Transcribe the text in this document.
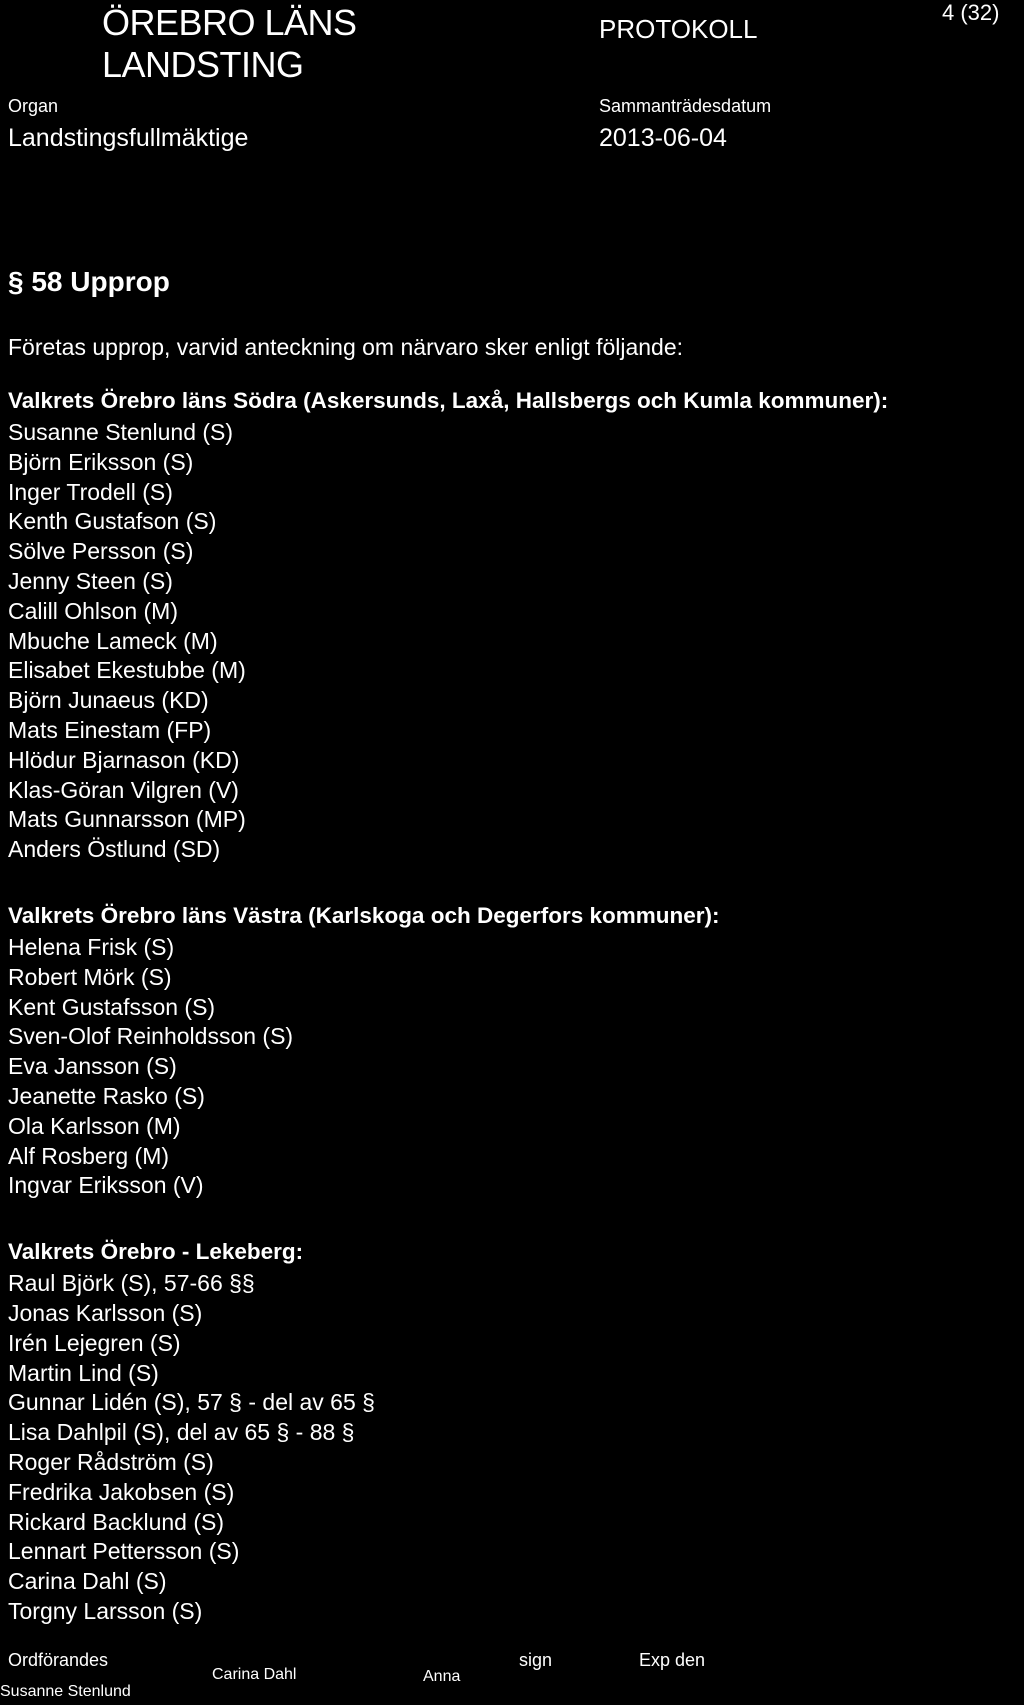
ÖREBRO LÄNS
LANDSTING
PROTOKOLL
4 (32)
Organ	Sammanträdesdatum
Landstingsfullmäktige	2013-06-04
§ 58 Upprop
Företas upprop, varvid anteckning om närvaro sker enligt följande:
Valkrets Örebro läns Södra (Askersunds, Laxå, Hallsbergs och Kumla kommuner):
Susanne Stenlund (S)
Björn Eriksson (S)
Inger Trodell (S)
Kenth Gustafson (S)
Sölve Persson (S)
Jenny Steen (S)
Calill Ohlson (M)
Mbuche Lameck (M)
Elisabet Ekestubbe (M)
Björn Junaeus (KD)
Mats Einestam (FP)
Hlödur Bjarnason (KD)
Klas-Göran Vilgren (V)
Mats Gunnarsson (MP)
Anders Östlund (SD)
Valkrets Örebro läns Västra (Karlskoga och Degerfors kommuner):
Helena Frisk (S)
Robert Mörk (S)
Kent Gustafsson (S)
Sven-Olof Reinholdsson (S)
Eva Jansson (S)
Jeanette Rasko (S)
Ola Karlsson (M)
Alf Rosberg (M)
Ingvar Eriksson (V)
Valkrets Örebro - Lekeberg:
Raul Björk (S), 57-66 §§
Jonas Karlsson (S)
Irén Lejegren (S)
Martin Lind (S)
Gunnar Lidén (S), 57 § - del av 65 §
Lisa Dahlpil (S), del av 65 § - 88 §
Roger Rådström (S)
Fredrika Jakobsen (S)
Rickard Backlund (S)
Lennart Pettersson (S)
Carina Dahl (S)
Torgny Larsson (S)
Ordförandes	sign	Exp den
Susanne Stenlund
Carina Dahl	Anna
